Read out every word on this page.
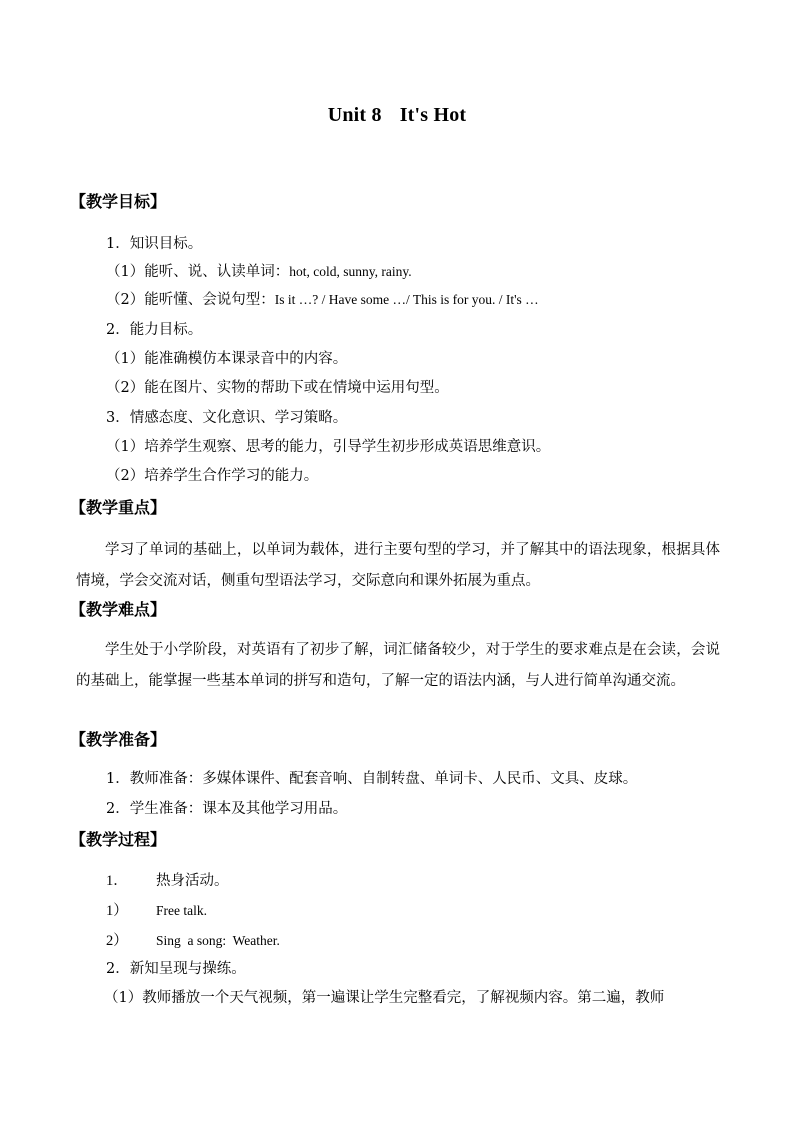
Unit 8 It's Hot
【教学目标】
1．知识目标。
（1）能听、说、认读单词：hot, cold, sunny, rainy.
（2）能听懂、会说句型：Is it …? / Have some …/ This is for you. / It's …
2．能力目标。
（1）能准确模仿本课录音中的内容。
（2）能在图片、实物的帮助下或在情境中运用句型。
3．情感态度、文化意识、学习策略。
（1）培养学生观察、思考的能力，引导学生初步形成英语思维意识。
（2）培养学生合作学习的能力。
【教学重点】
学习了单词的基础上，以单词为载体，进行主要句型的学习，并了解其中的语法现象，根据具体情境，学会交流对话，侧重句型语法学习，交际意向和课外拓展为重点。
【教学难点】
学生处于小学阶段，对英语有了初步了解，词汇储备较少，对于学生的要求难点是在会读，会说的基础上，能掌握一些基本单词的拼写和造句，了解一定的语法内涵，与人进行简单沟通交流。
【教学准备】
1．教师准备：多媒体课件、配套音响、自制转盘、单词卡、人民币、文具、皮球。
2．学生准备：课本及其他学习用品。
【教学过程】
1． 热身活动。
1） Free talk.
2） Sing  a song:  Weather.
2．新知呈现与操练。
（1）教师播放一个天气视频，第一遍课让学生完整看完，了解视频内容。第二遍，教师
